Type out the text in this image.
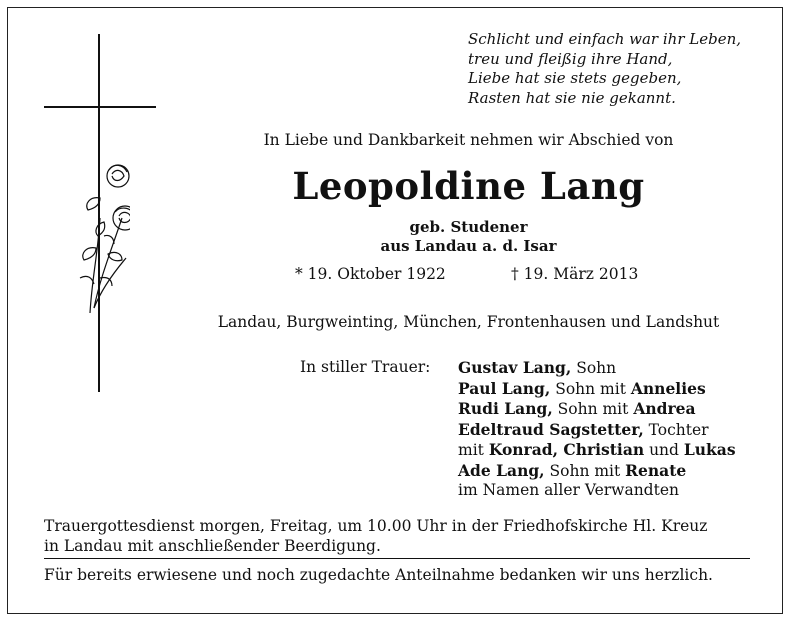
Schlicht und einfach war ihr Leben,
treu und fleißig ihre Hand,
Liebe hat sie stets gegeben,
Rasten hat sie nie gekannt.
In Liebe und Dankbarkeit nehmen wir Abschied von
Leopoldine Lang
geb. Studener
aus Landau a. d. Isar
* 19. Oktober 1922	† 19. März 2013
Landau, Burgweinting, München, Frontenhausen und Landshut
In stiller Trauer: Gustav Lang, Sohn
Paul Lang, Sohn mit Annelies
Rudi Lang, Sohn mit Andrea
Edeltraud Sagstetter, Tochter
mit Konrad, Christian und Lukas
Ade Lang, Sohn mit Renate
im Namen aller Verwandten
Trauergottesdienst morgen, Freitag, um 10.00 Uhr in der Friedhofskirche Hl. Kreuz
in Landau mit anschließender Beerdigung.
Für bereits erwiesene und noch zugedachte Anteilnahme bedanken wir uns herzlich.
